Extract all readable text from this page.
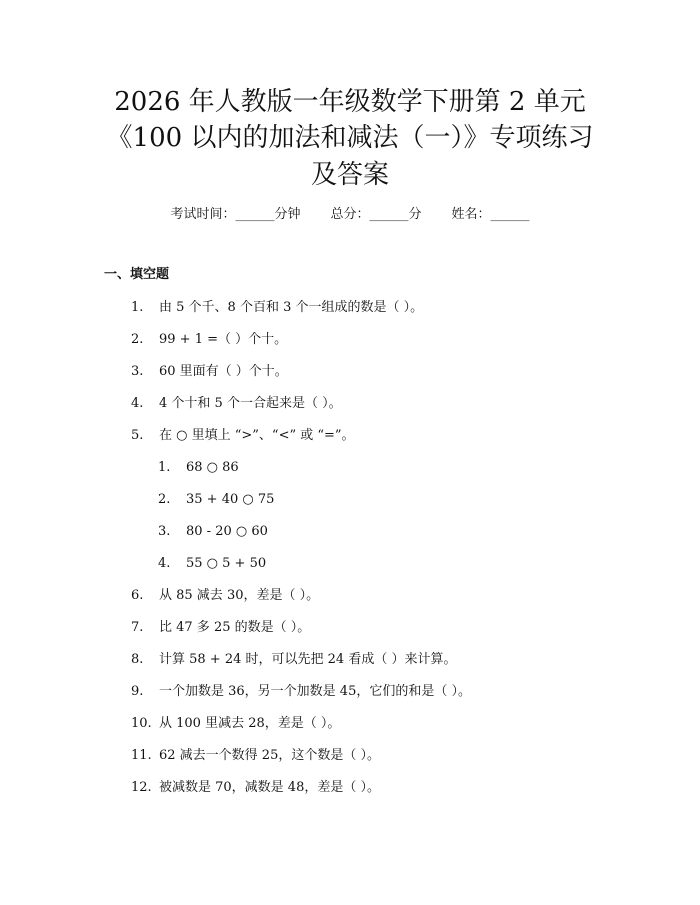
2026 年人教版一年级数学下册第 2 单元
《100 以内的加法和减法（一）》专项练习
及答案
考试时间：______分钟 总分：______分 姓名：______
一、填空题
1. 由 5 个千、8 个百和 3 个一组成的数是（ ）。
2. 99 + 1 =（ ）个十。
3. 60 里面有（ ）个十。
4. 4 个十和 5 个一合起来是（ ）。
5. 在 ○ 里填上 “>”、“<” 或 “=”。
1. 68 ○ 86
2. 35 + 40 ○ 75
3. 80 - 20 ○ 60
4. 55 ○ 5 + 50
6. 从 85 减去 30，差是（ ）。
7. 比 47 多 25 的数是（ ）。
8. 计算 58 + 24 时，可以先把 24 看成（ ）来计算。
9. 一个加数是 36，另一个加数是 45，它们的和是（ ）。
10. 从 100 里减去 28，差是（ ）。
11. 62 减去一个数得 25，这个数是（ ）。
12. 被减数是 70，减数是 48，差是（ ）。
